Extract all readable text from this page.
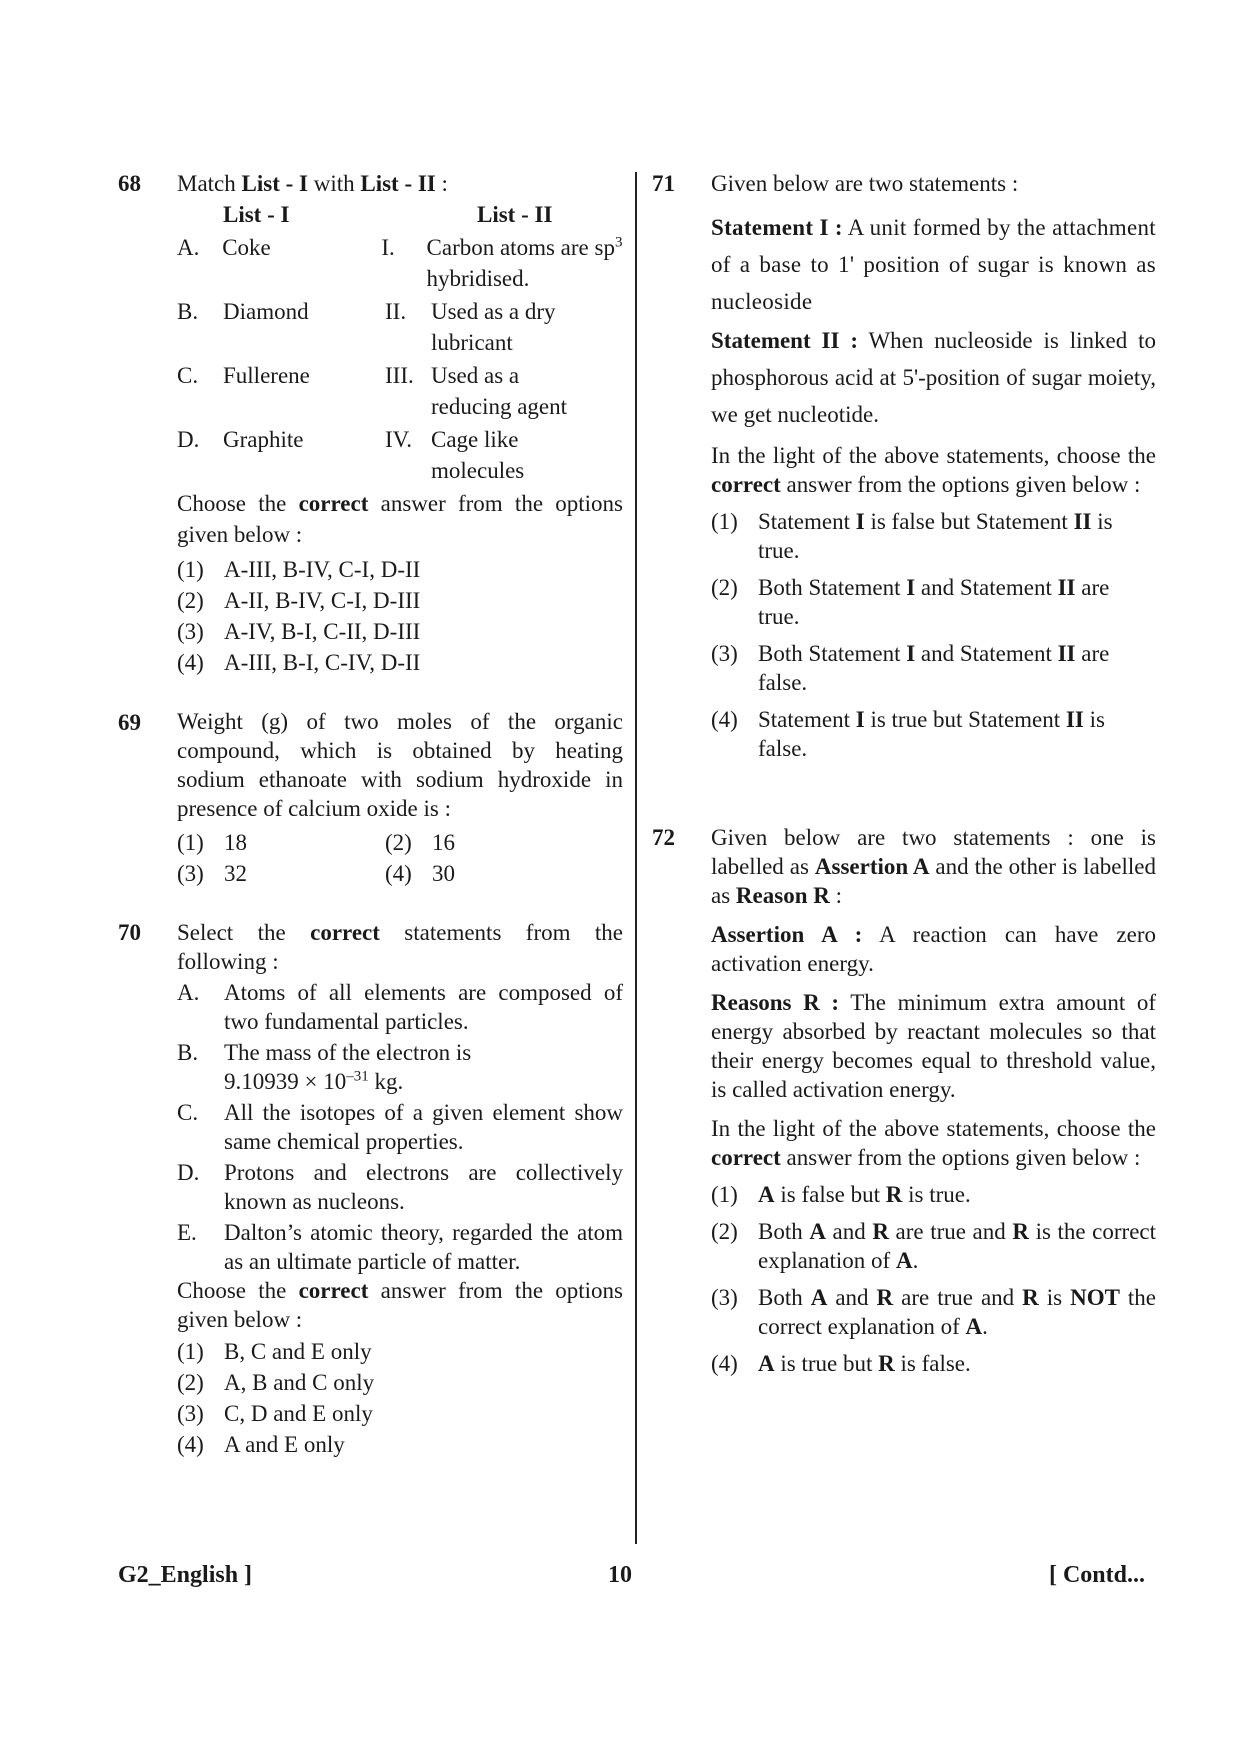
68 Match List - I with List - II :
List - I	List - II
A. Coke	I.	Carbon atoms are $sp^3$ hybridised.
B.	Diamond	II.	Used as a dry lubricant
C.	Fullerene	III. Used as a reducing agent
D.	Graphite	IV. Cage like molecules
Choose the correct answer from the options given below :
(1) A-III, B-IV, C-I, D-II
(2) A-II, B-IV, C-I, D-III
(3) A-IV, B-I, C-II, D-III
(4) A-III, B-I, C-IV, D-II
69 Weight (g) of two moles of the organic compound, which is obtained by heating sodium ethanoate with sodium hydroxide in presence of calcium oxide is :
(1) 18	(2) 16
(3) 32	(4) 30
70 Select the correct statements from the following :
A.	Atoms of all elements are composed of two fundamental particles.
B.	The mass of the electron is $9.10939 \times 10^{-31}$ kg.
C.	All the isotopes of a given element show same chemical properties.
D.	Protons and electrons are collectively known as nucleons.
E.	Dalton’s atomic theory, regarded the atom as an ultimate particle of matter.
Choose the correct answer from the options given below :
(1) B, C and E only
(2) A, B and C only
(3) C, D and E only
(4) A and E only
71 Given below are two statements :
Statement I : A unit formed by the attachment of a base to 1' position of sugar is known as nucleoside
Statement II : When nucleoside is linked to phosphorous acid at 5'-position of sugar moiety, we get nucleotide.
In the light of the above statements, choose the correct answer from the options given below :
(1) Statement I is false but Statement II is true.
(2) Both Statement I and Statement II are true.
(3) Both Statement I and Statement II are false.
(4) Statement I is true but Statement II is false.
72 Given below are two statements : one is labelled as Assertion A and the other is labelled as Reason R :
Assertion A : A reaction can have zero activation energy.
Reasons R : The minimum extra amount of energy absorbed by reactant molecules so that their energy becomes equal to threshold value, is called activation energy.
In the light of the above statements, choose the correct answer from the options given below :
(1) A is false but R is true.
(2) Both A and R are true and R is the correct explanation of A.
(3) Both A and R are true and R is NOT the correct explanation of A.
(4) A is true but R is false.
G2_English ]	10	[ Contd...
